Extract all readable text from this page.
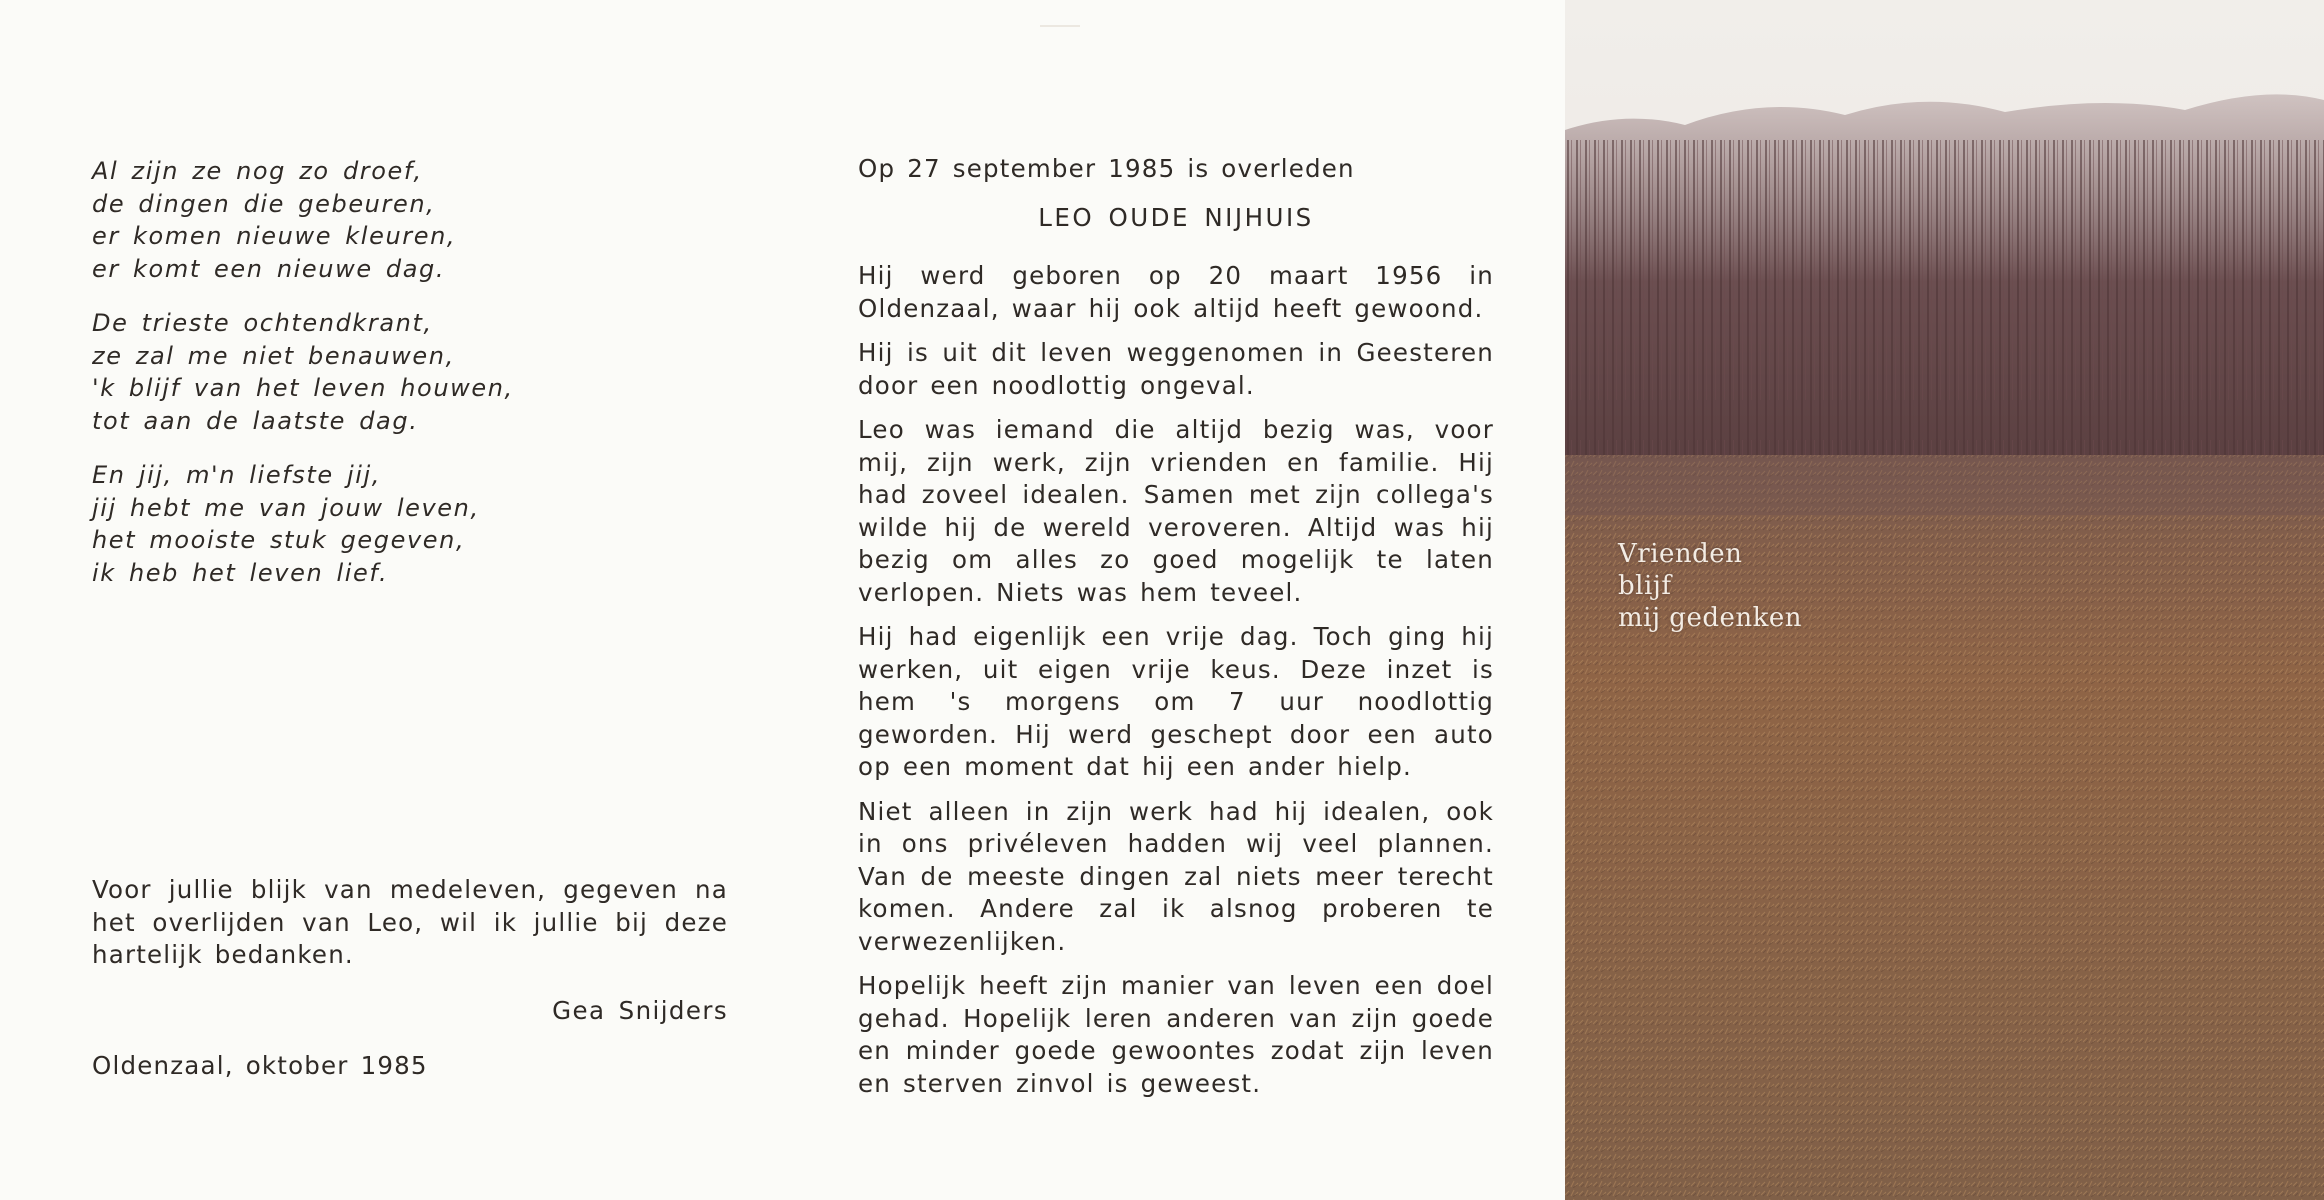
Al zijn ze nog zo droef,
de dingen die gebeuren,
er komen nieuwe kleuren,
er komt een nieuwe dag.
De trieste ochtendkrant,
ze zal me niet benauwen,
'k blijf van het leven houwen,
tot aan de laatste dag.
En jij, m'n liefste jij,
jij hebt me van jouw leven,
het mooiste stuk gegeven,
ik heb het leven lief.

Voor jullie blijk van medeleven, gegeven na het overlijden van Leo, wil ik jullie bij deze hartelijk bedanken.

Gea Snijders
Oldenzaal, oktober 1985
Op 27 september 1985 is overleden
LEO OUDE NIJHUIS

Hij werd geboren op 20 maart 1956 in Oldenzaal, waar hij ook altijd heeft gewoond.

Hij is uit dit leven weggenomen in Geesteren door een noodlottig ongeval.

Leo was iemand die altijd bezig was, voor mij, zijn werk, zijn vrienden en familie. Hij had zoveel idealen. Samen met zijn collega's wilde hij de wereld veroveren. Altijd was hij bezig om alles zo goed mogelijk te laten verlopen. Niets was hem teveel.

Hij had eigenlijk een vrije dag. Toch ging hij werken, uit eigen vrije keus. Deze inzet is hem 's morgens om 7 uur noodlottig geworden. Hij werd geschept door een auto op een moment dat hij een ander hielp.

Niet alleen in zijn werk had hij idealen, ook in ons privéleven hadden wij veel plannen. Van de meeste dingen zal niets meer terecht komen. Andere zal ik alsnog proberen te verwezenlijken.

Hopelijk heeft zijn manier van leven een doel gehad. Hopelijk leren anderen van zijn goede en minder goede gewoontes zodat zijn leven en sterven zinvol is geweest.

Vrienden
blijf
mij gedenken
